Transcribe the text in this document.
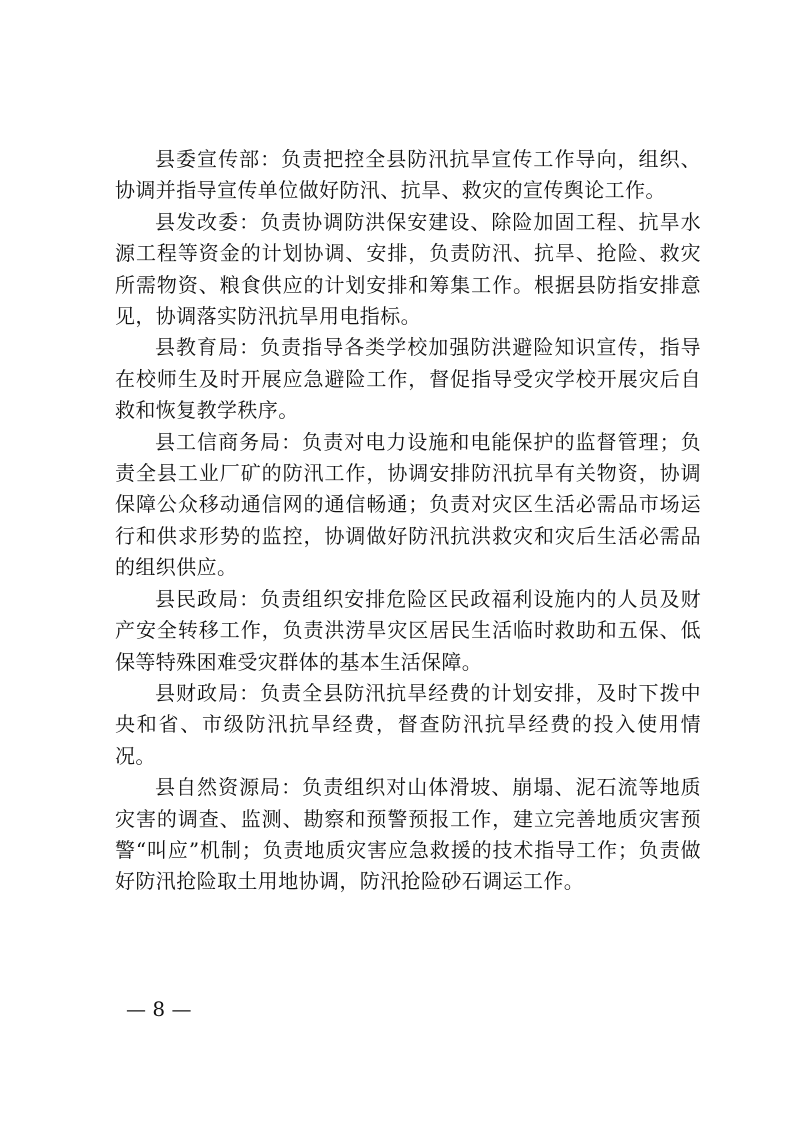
县委宣传部：负责把控全县防汛抗旱宣传工作导向，组织、协调并指导宣传单位做好防汛、抗旱、救灾的宣传舆论工作。

县发改委：负责协调防洪保安建设、除险加固工程、抗旱水源工程等资金的计划协调、安排，负责防汛、抗旱、抢险、救灾所需物资、粮食供应的计划安排和筹集工作。根据县防指安排意见，协调落实防汛抗旱用电指标。

县教育局：负责指导各类学校加强防洪避险知识宣传，指导在校师生及时开展应急避险工作，督促指导受灾学校开展灾后自救和恢复教学秩序。

县工信商务局：负责对电力设施和电能保护的监督管理；负责全县工业厂矿的防汛工作，协调安排防汛抗旱有关物资，协调保障公众移动通信网的通信畅通；负责对灾区生活必需品市场运行和供求形势的监控，协调做好防汛抗洪救灾和灾后生活必需品的组织供应。

县民政局：负责组织安排危险区民政福利设施内的人员及财产安全转移工作，负责洪涝旱灾区居民生活临时救助和五保、低保等特殊困难受灾群体的基本生活保障。

县财政局：负责全县防汛抗旱经费的计划安排，及时下拨中央和省、市级防汛抗旱经费，督查防汛抗旱经费的投入使用情况。

县自然资源局：负责组织对山体滑坡、崩塌、泥石流等地质灾害的调查、监测、勘察和预警预报工作，建立完善地质灾害预警“叫应”机制；负责地质灾害应急救援的技术指导工作；负责做好防汛抢险取土用地协调，防汛抢险砂石调运工作。

— 8 —
